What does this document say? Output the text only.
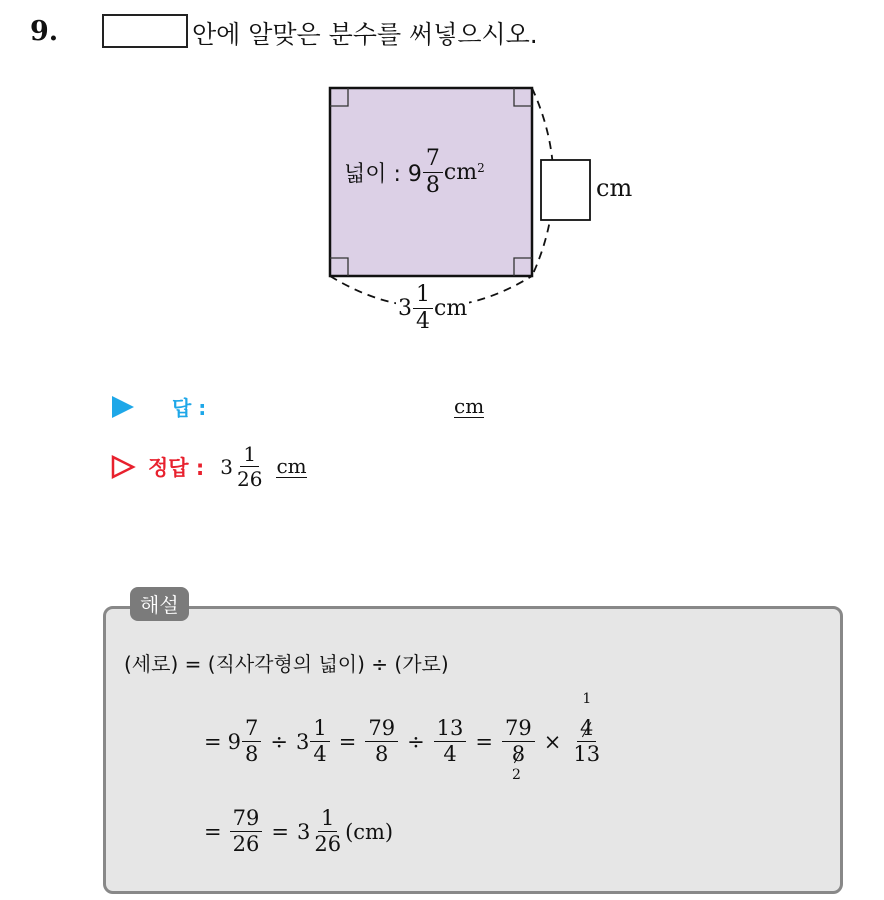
9.	안에 알맞은 분수를 써넣으시오.
넓이 : $9 \frac{7}{8} cm^2$
cm
$3 \frac{1}{4}$ cm
답 :	cm
정답 : $3 \frac{1}{26}$ cm
해설
(세로) = (직사각형의 넓이) ÷ (가로)
= $9 \frac{7}{8} \div 3 \frac{1}{4} = \frac{79}{8} \div \frac{13}{4}$ =
79
8
2
×
1
4
13
= $\frac{79}{26} = 3 \frac{1}{26} (cm)$
